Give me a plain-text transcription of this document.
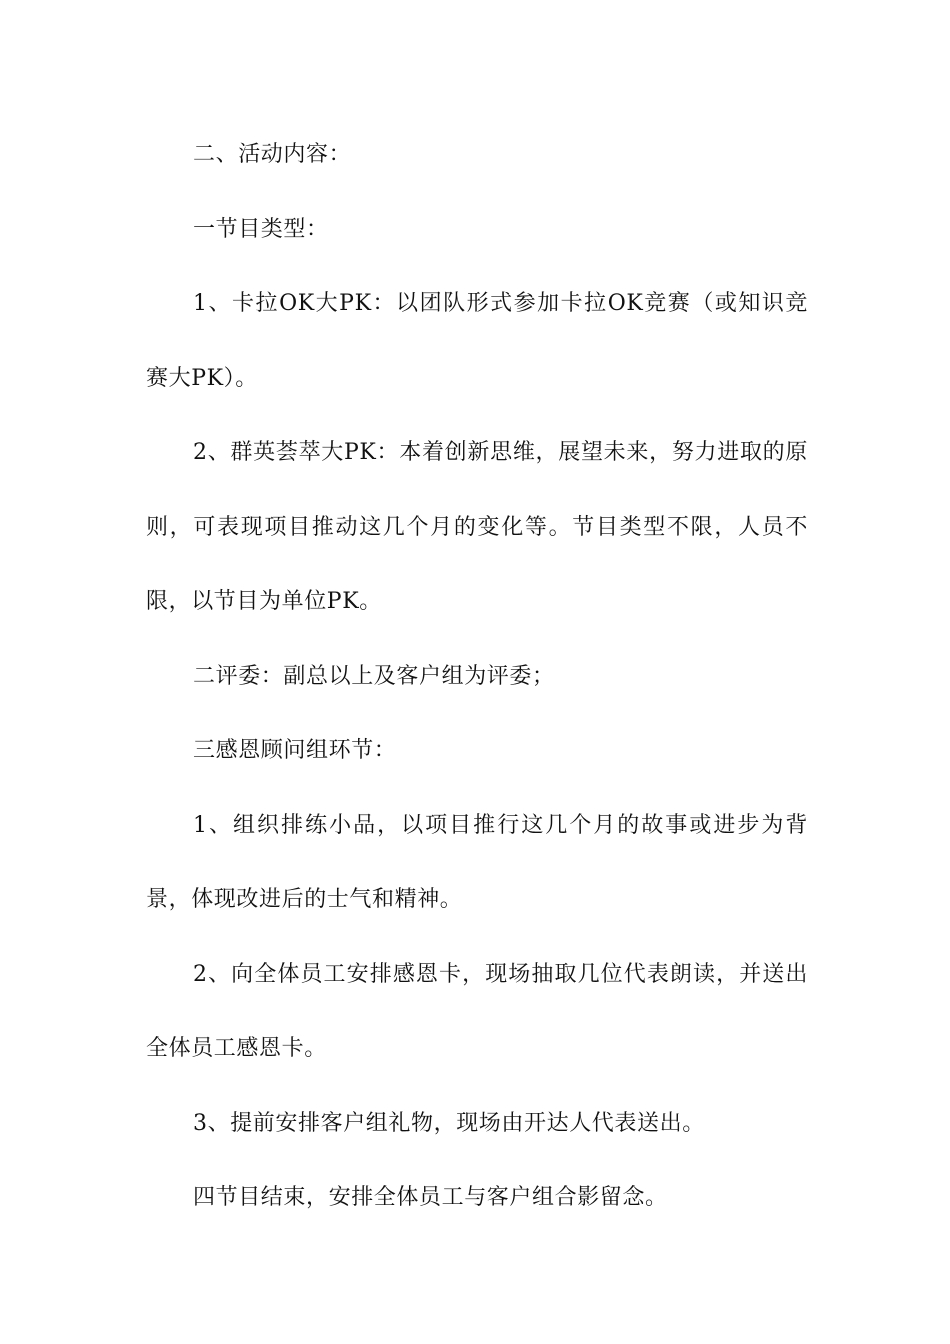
二、活动内容：

一节目类型：

1、卡拉OK大PK：以团队形式参加卡拉OK竞赛（或知识竞赛大PK）。

2、群英荟萃大PK：本着创新思维，展望未来，努力进取的原则，可表现项目推动这几个月的变化等。节目类型不限，人员不限，以节目为单位PK。

二评委：副总以上及客户组为评委；

三感恩顾问组环节：

1、组织排练小品，以项目推行这几个月的故事或进步为背景，体现改进后的士气和精神。

2、向全体员工安排感恩卡，现场抽取几位代表朗读，并送出全体员工感恩卡。

3、提前安排客户组礼物，现场由开达人代表送出。

四节目结束，安排全体员工与客户组合影留念。
